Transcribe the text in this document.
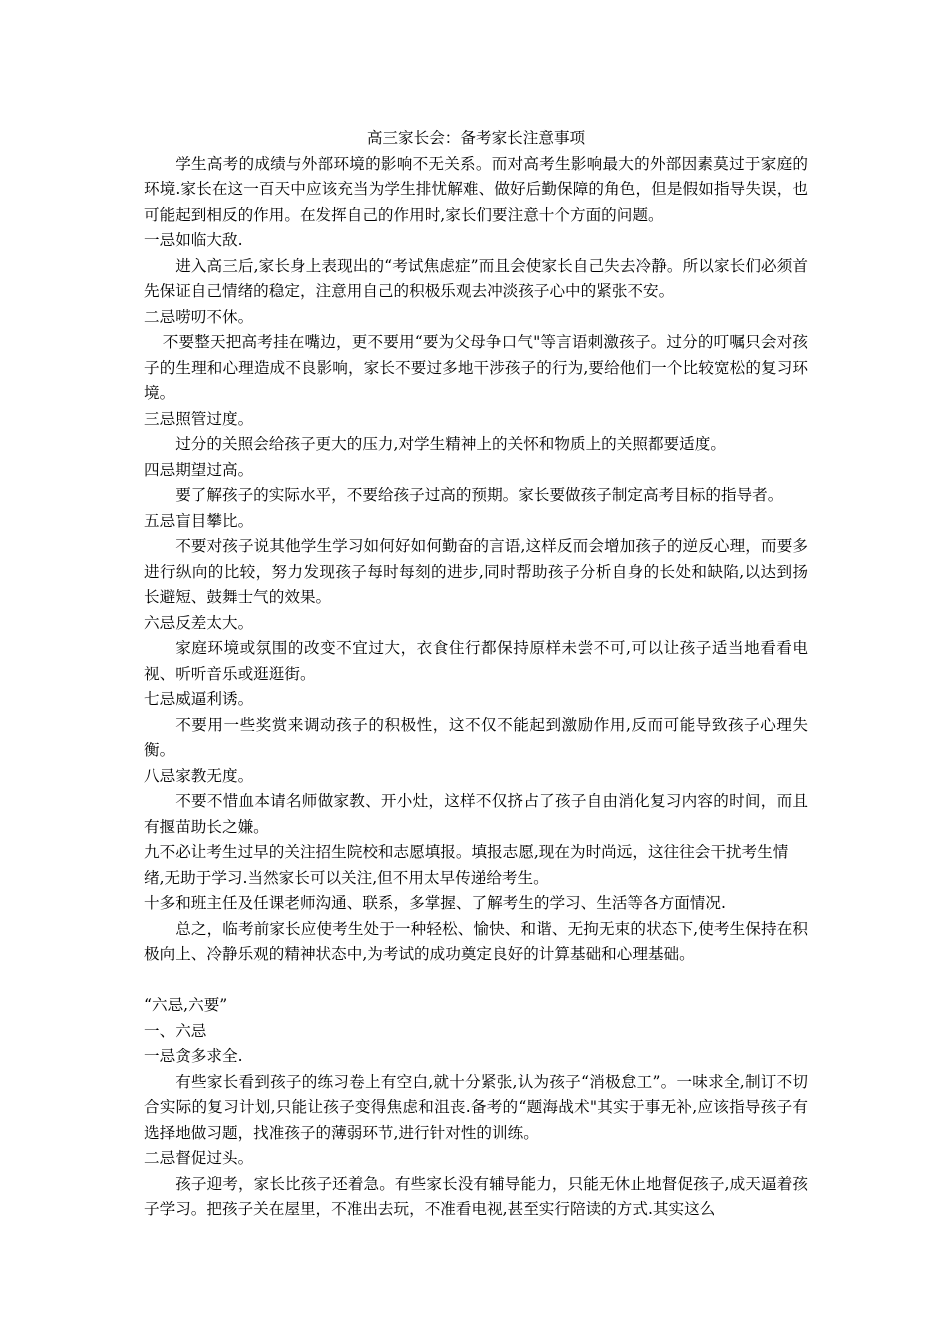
高三家长会：备考家长注意事项

学生高考的成绩与外部环境的影响不无关系。而对高考生影响最大的外部因素莫过于家庭的环境.家长在这一百天中应该充当为学生排忧解难、做好后勤保障的角色，但是假如指导失误，也可能起到相反的作用。在发挥自己的作用时,家长们要注意十个方面的问题。

一忌如临大敌.

进入高三后,家长身上表现出的“考试焦虑症”而且会使家长自己失去冷静。所以家长们必须首先保证自己情绪的稳定，注意用自己的积极乐观去冲淡孩子心中的紧张不安。

二忌唠叨不休。

不要整天把高考挂在嘴边，更不要用“要为父母争口气"等言语刺激孩子。过分的叮嘱只会对孩子的生理和心理造成不良影响，家长不要过多地干涉孩子的行为,要给他们一个比较宽松的复习环境。

三忌照管过度。

过分的关照会给孩子更大的压力,对学生精神上的关怀和物质上的关照都要适度。

四忌期望过高。

要了解孩子的实际水平，不要给孩子过高的预期。家长要做孩子制定高考目标的指导者。

五忌盲目攀比。

不要对孩子说其他学生学习如何好如何勤奋的言语,这样反而会增加孩子的逆反心理，而要多进行纵向的比较，努力发现孩子每时每刻的进步,同时帮助孩子分析自身的长处和缺陷,以达到扬长避短、鼓舞士气的效果。

六忌反差太大。

家庭环境或氛围的改变不宜过大，衣食住行都保持原样未尝不可,可以让孩子适当地看看电视、听听音乐或逛逛街。

七忌威逼利诱。

不要用一些奖赏来调动孩子的积极性，这不仅不能起到激励作用,反而可能导致孩子心理失衡。

八忌家教无度。

不要不惜血本请名师做家教、开小灶，这样不仅挤占了孩子自由消化复习内容的时间，而且有揠苗助长之嫌。

九不必让考生过早的关注招生院校和志愿填报。填报志愿,现在为时尚远，这往往会干扰考生情绪,无助于学习.当然家长可以关注,但不用太早传递给考生。

十多和班主任及任课老师沟通、联系，多掌握、了解考生的学习、生活等各方面情况.

总之，临考前家长应使考生处于一种轻松、愉快、和谐、无拘无束的状态下,使考生保持在积极向上、冷静乐观的精神状态中,为考试的成功奠定良好的计算基础和心理基础。

“六忌,六要”

一、六忌

一忌贪多求全.

有些家长看到孩子的练习卷上有空白,就十分紧张,认为孩子“消极怠工”。一味求全,制订不切合实际的复习计划,只能让孩子变得焦虑和沮丧.备考的“题海战术"其实于事无补,应该指导孩子有选择地做习题，找准孩子的薄弱环节,进行针对性的训练。

二忌督促过头。

孩子迎考，家长比孩子还着急。有些家长没有辅导能力，只能无休止地督促孩子,成天逼着孩子学习。把孩子关在屋里，不准出去玩，不准看电视,甚至实行陪读的方式.其实这么
